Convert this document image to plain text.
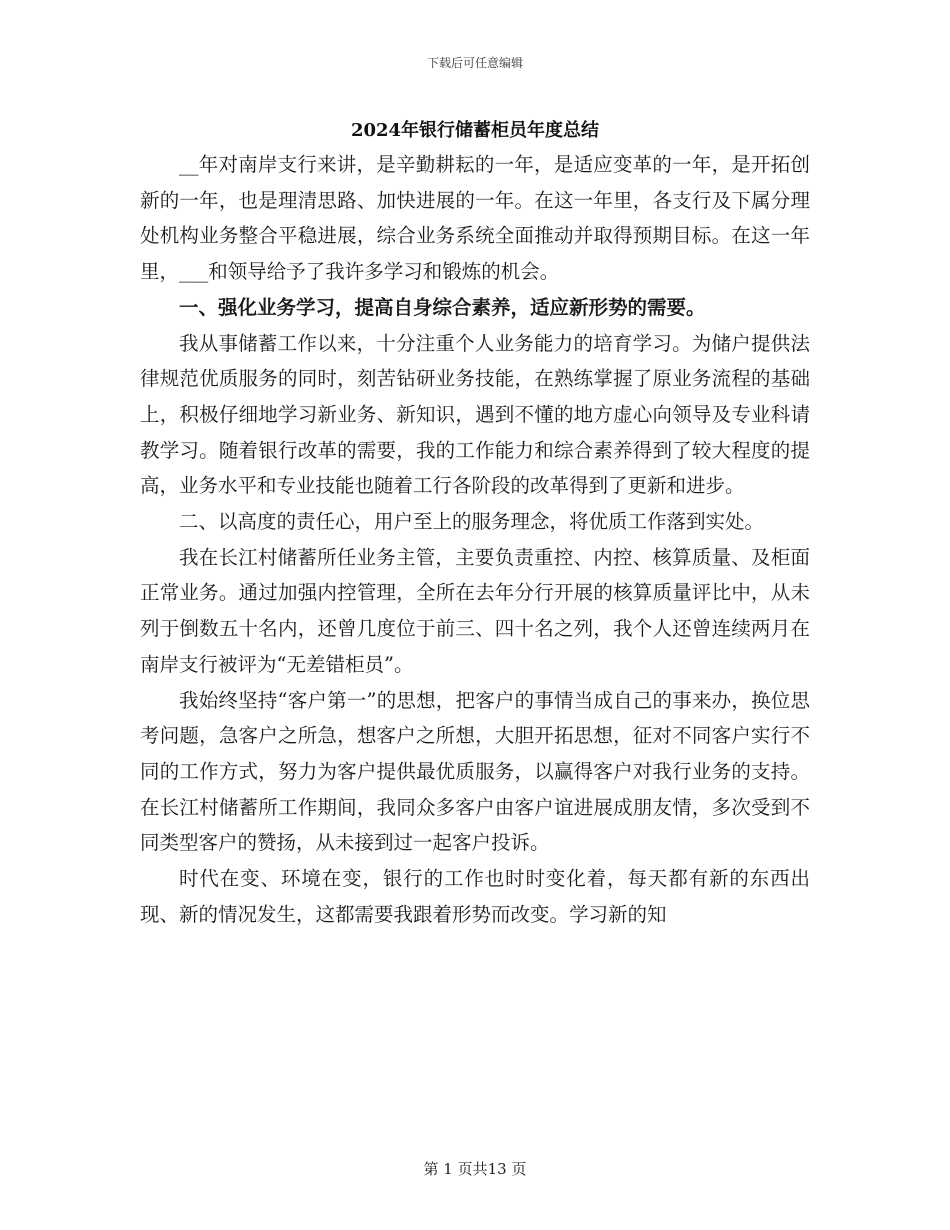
下载后可任意编辑
2024年银行储蓄柜员年度总结

__年对南岸支行来讲，是辛勤耕耘的一年，是适应变革的一年，是开拓创新的一年，也是理清思路、加快进展的一年。在这一年里，各支行及下属分理处机构业务整合平稳进展，综合业务系统全面推动并取得预期目标。在这一年里，___和领导给予了我许多学习和锻炼的机会。

一、强化业务学习，提高自身综合素养，适应新形势的需要。

我从事储蓄工作以来，十分注重个人业务能力的培育学习。为储户提供法律规范优质服务的同时，刻苦钻研业务技能，在熟练掌握了原业务流程的基础上，积极仔细地学习新业务、新知识，遇到不懂的地方虚心向领导及专业科请教学习。随着银行改革的需要，我的工作能力和综合素养得到了较大程度的提高，业务水平和专业技能也随着工行各阶段的改革得到了更新和进步。

二、以高度的责任心，用户至上的服务理念，将优质工作落到实处。

我在长江村储蓄所任业务主管，主要负责重控、内控、核算质量、及柜面正常业务。通过加强内控管理，全所在去年分行开展的核算质量评比中，从未列于倒数五十名内，还曾几度位于前三、四十名之列，我个人还曾连续两月在南岸支行被评为“无差错柜员”。

我始终坚持“客户第一”的思想，把客户的事情当成自己的事来办，换位思考问题，急客户之所急，想客户之所想，大胆开拓思想，征对不同客户实行不同的工作方式，努力为客户提供最优质服务，以赢得客户对我行业务的支持。在长江村储蓄所工作期间，我同众多客户由客户谊进展成朋友情，多次受到不同类型客户的赞扬，从未接到过一起客户投诉。

时代在变、环境在变，银行的工作也时时变化着，每天都有新的东西出现、新的情况发生，这都需要我跟着形势而改变。学习新的知

第 1 页共13 页
